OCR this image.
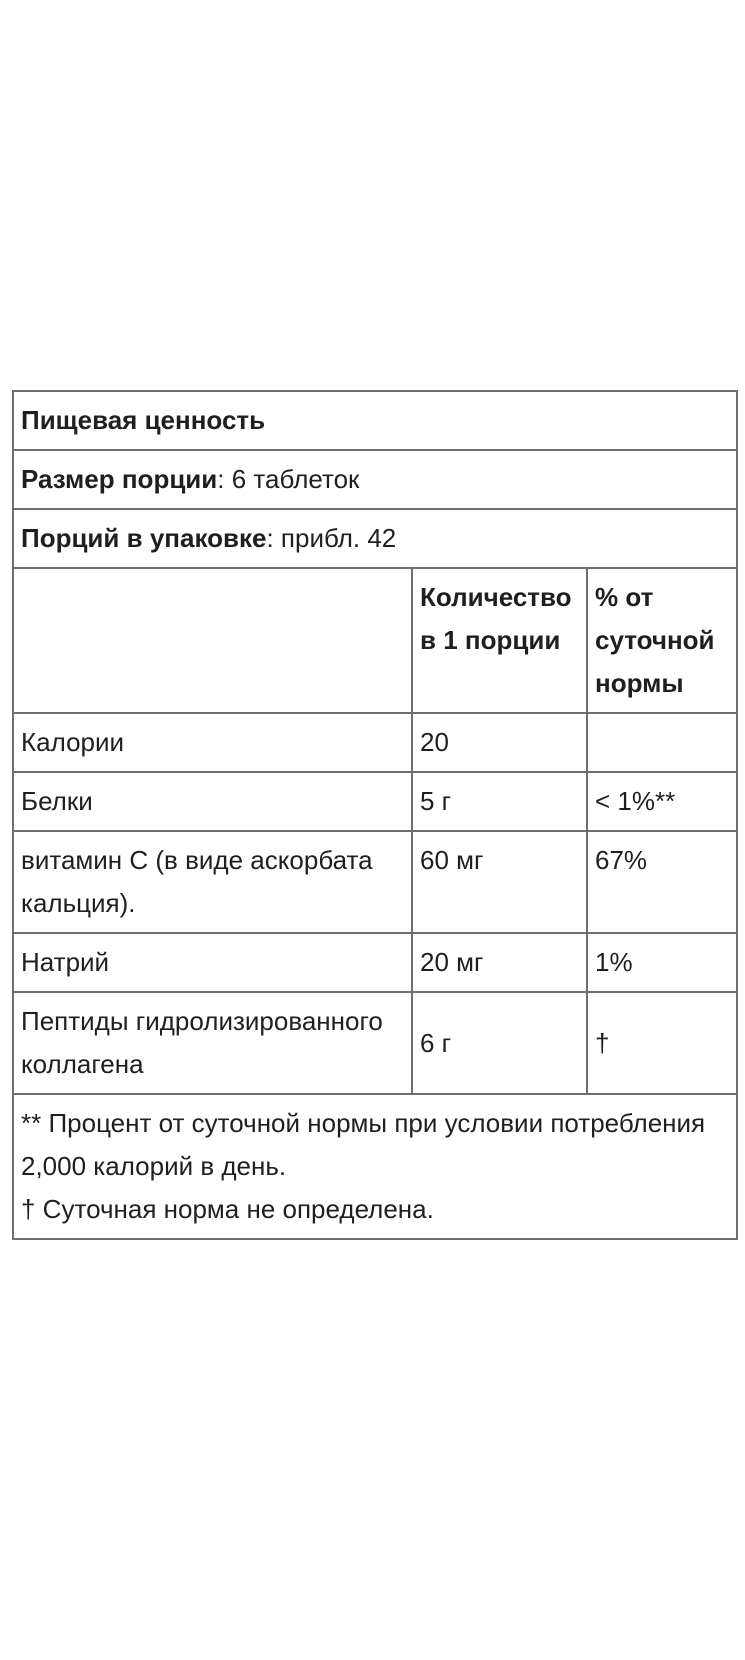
Пищевая ценность		
Размер порции: 6 таблеток		
Порций в упаковке: прибл. 42		
	Количество в 1 порции	% от суточной нормы
Калории	20	
Белки	5 г	< 1%**
витамин С (в виде аскорбата кальция).	60 мг	67%
Натрий	20 мг	1%
Пептиды гидролизированного коллагена	6 г	†

** Процент от суточной нормы при условии потребления 2,000 калорий в день.
† Суточная норма не определена.		
